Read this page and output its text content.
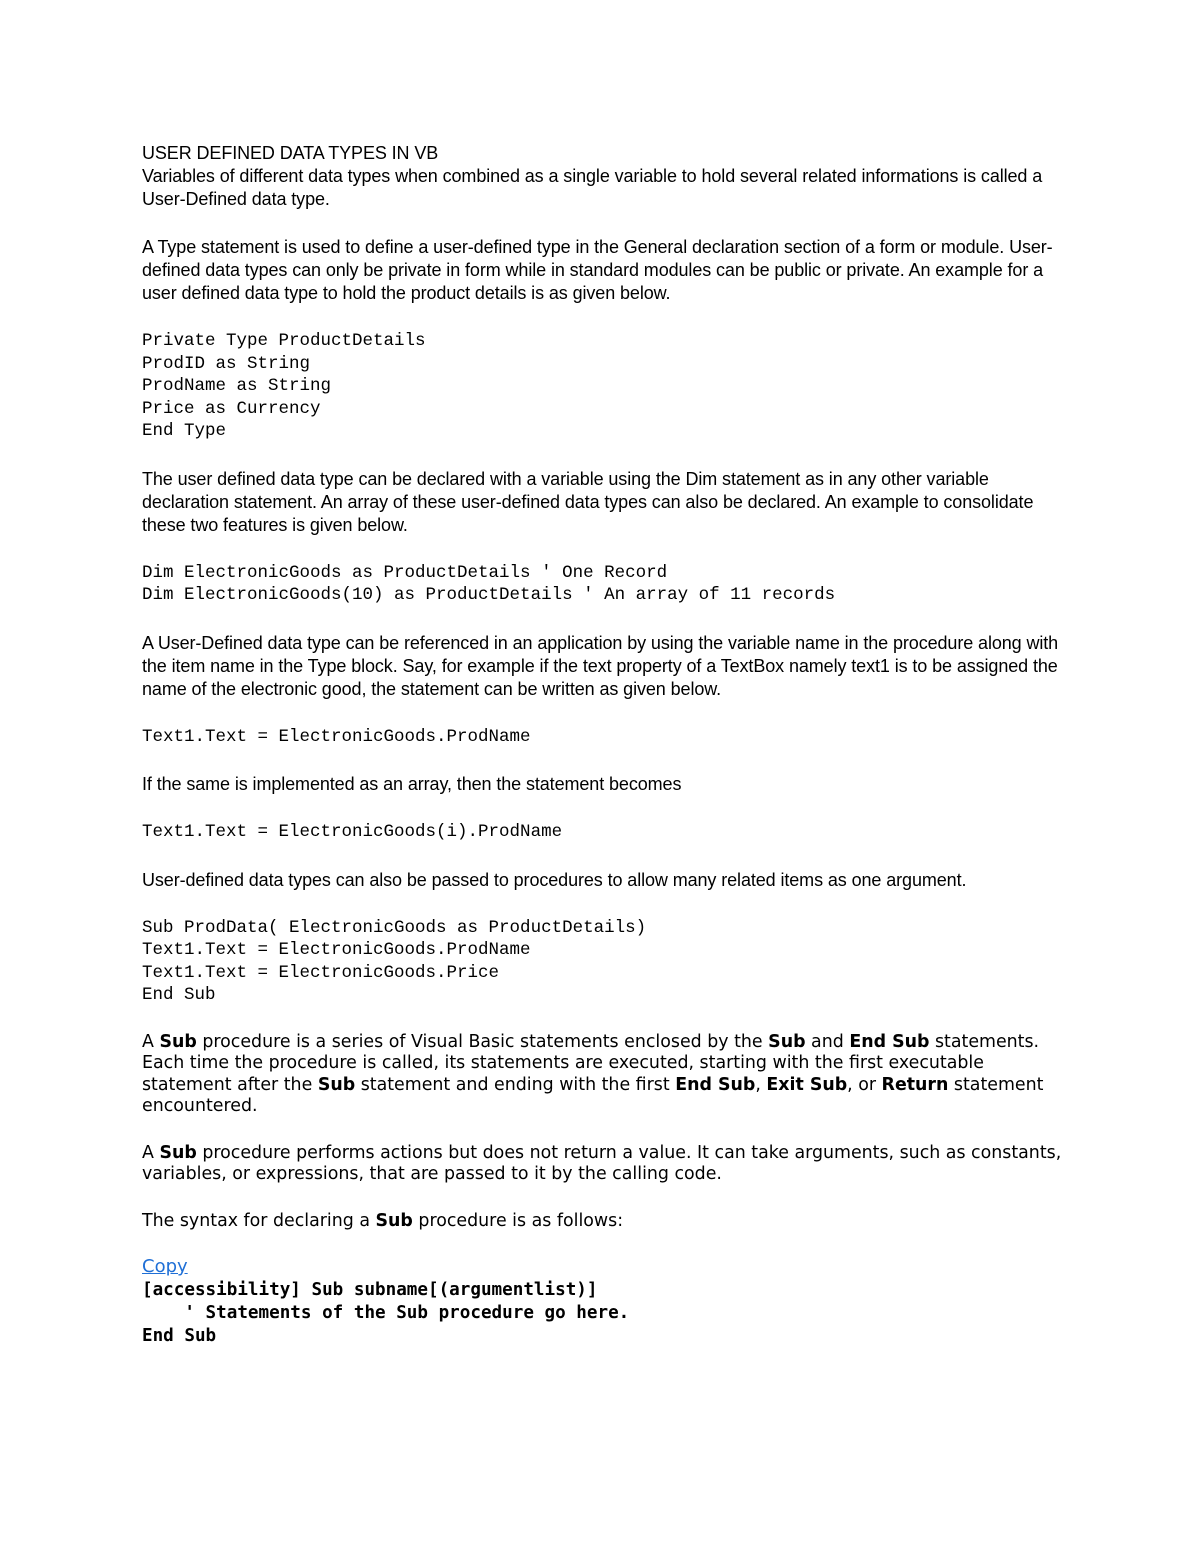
USER DEFINED DATA TYPES IN VB

Variables of different data types when combined as a single variable to hold several related informations is called a User-Defined data type.

A Type statement is used to define a user-defined type in the General declaration section of a form or module. User-defined data types can only be private in form while in standard modules can be public or private. An example for a user defined data type to hold the product details is as given below.

Private Type ProductDetails

ProdID as String

ProdName as String

Price as Currency

End Type

The user defined data type can be declared with a variable using the Dim statement as in any other variable declaration statement. An array of these user-defined data types can also be declared. An example to consolidate these two features is given below.

Dim ElectronicGoods as ProductDetails ' One Record

Dim ElectronicGoods(10) as ProductDetails ' An array of 11 records

A User-Defined data type can be referenced in an application by using the variable name in the procedure along with the item name in the Type block. Say, for example if the text property of a TextBox namely text1 is to be assigned the name of the electronic good, the statement can be written as given below.

Text1.Text = ElectronicGoods.ProdName

If the same is implemented as an array, then the statement becomes

Text1.Text = ElectronicGoods(i).ProdName

User-defined data types can also be passed to procedures to allow many related items as one argument.

Sub ProdData( ElectronicGoods as ProductDetails)

Text1.Text = ElectronicGoods.ProdName

Text1.Text = ElectronicGoods.Price

End Sub

A Sub procedure is a series of Visual Basic statements enclosed by the Sub and End Sub statements. Each time the procedure is called, its statements are executed, starting with the first executable statement after the Sub statement and ending with the first End Sub, Exit Sub, or Return statement encountered.

A Sub procedure performs actions but does not return a value. It can take arguments, such as constants, variables, or expressions, that are passed to it by the calling code.

The syntax for declaring a Sub procedure is as follows:

Copy

[accessibility] Sub subname[(argumentlist)]

' Statements of the Sub procedure go here.

End Sub
